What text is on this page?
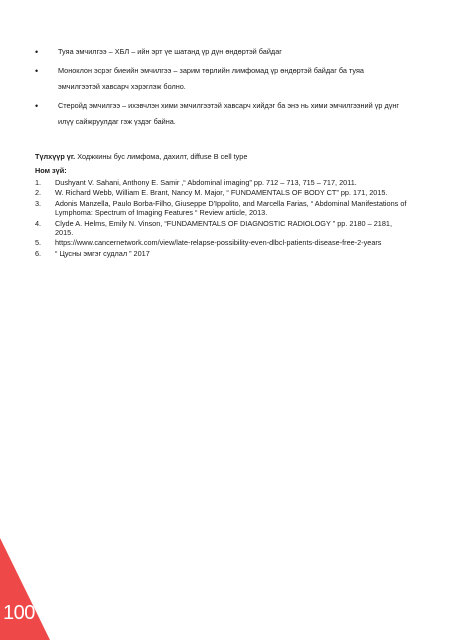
•	Туяа эмчилгээ – ХБЛ – ийн эрт үе шатанд үр дүн өндөртэй байдаг
•	Моноклон эсрэг биеийн эмчилгээ – зарим төрлийн лимфомад үр өндөртэй байдаг ба туяа эмчилгээтэй хавсарч хэрэглэж болно.
•	Стеройд эмчилгээ – ихэвчлэн хими эмчилгээтэй хавсарч хийдэг ба энэ нь хими эмчилгээний үр дүнг илүү сайжруулдаг гэж үздэг байна.
Түлхүүр үг. Ходжкины бус лимфома, дахилт, diffuse B cell type
Ном зүй:
1. Dushyant V. Sahani, Anthony E. Samir ,“ Abdominal imaging” pp. 712 – 713, 715 – 717, 2011.
2. W. Richard Webb, William E. Brant, Nancy M. Major, “ FUNDAMENTALS OF BODY CT” pp. 171, 2015.
3. Adonis Manzella, Paulo Borba-Filho, Giuseppe D'Ippolito, and Marcella Farias, “ Abdominal Manifestations of Lymphoma: Spectrum of Imaging Features “ Review article, 2013.
4. Clyde A. Helms, Emily N. Vinson, “FUNDAMENTALS OF DIAGNOSTIC RADIOLOGY ” pp. 2180 – 2181, 2015.
5. https://www.cancernetwork.com/view/late-relapse-possibility-even-dlbcl-patients-disease-free-2-years
6. “ Цусны эмгэг судлал ” 2017
100
